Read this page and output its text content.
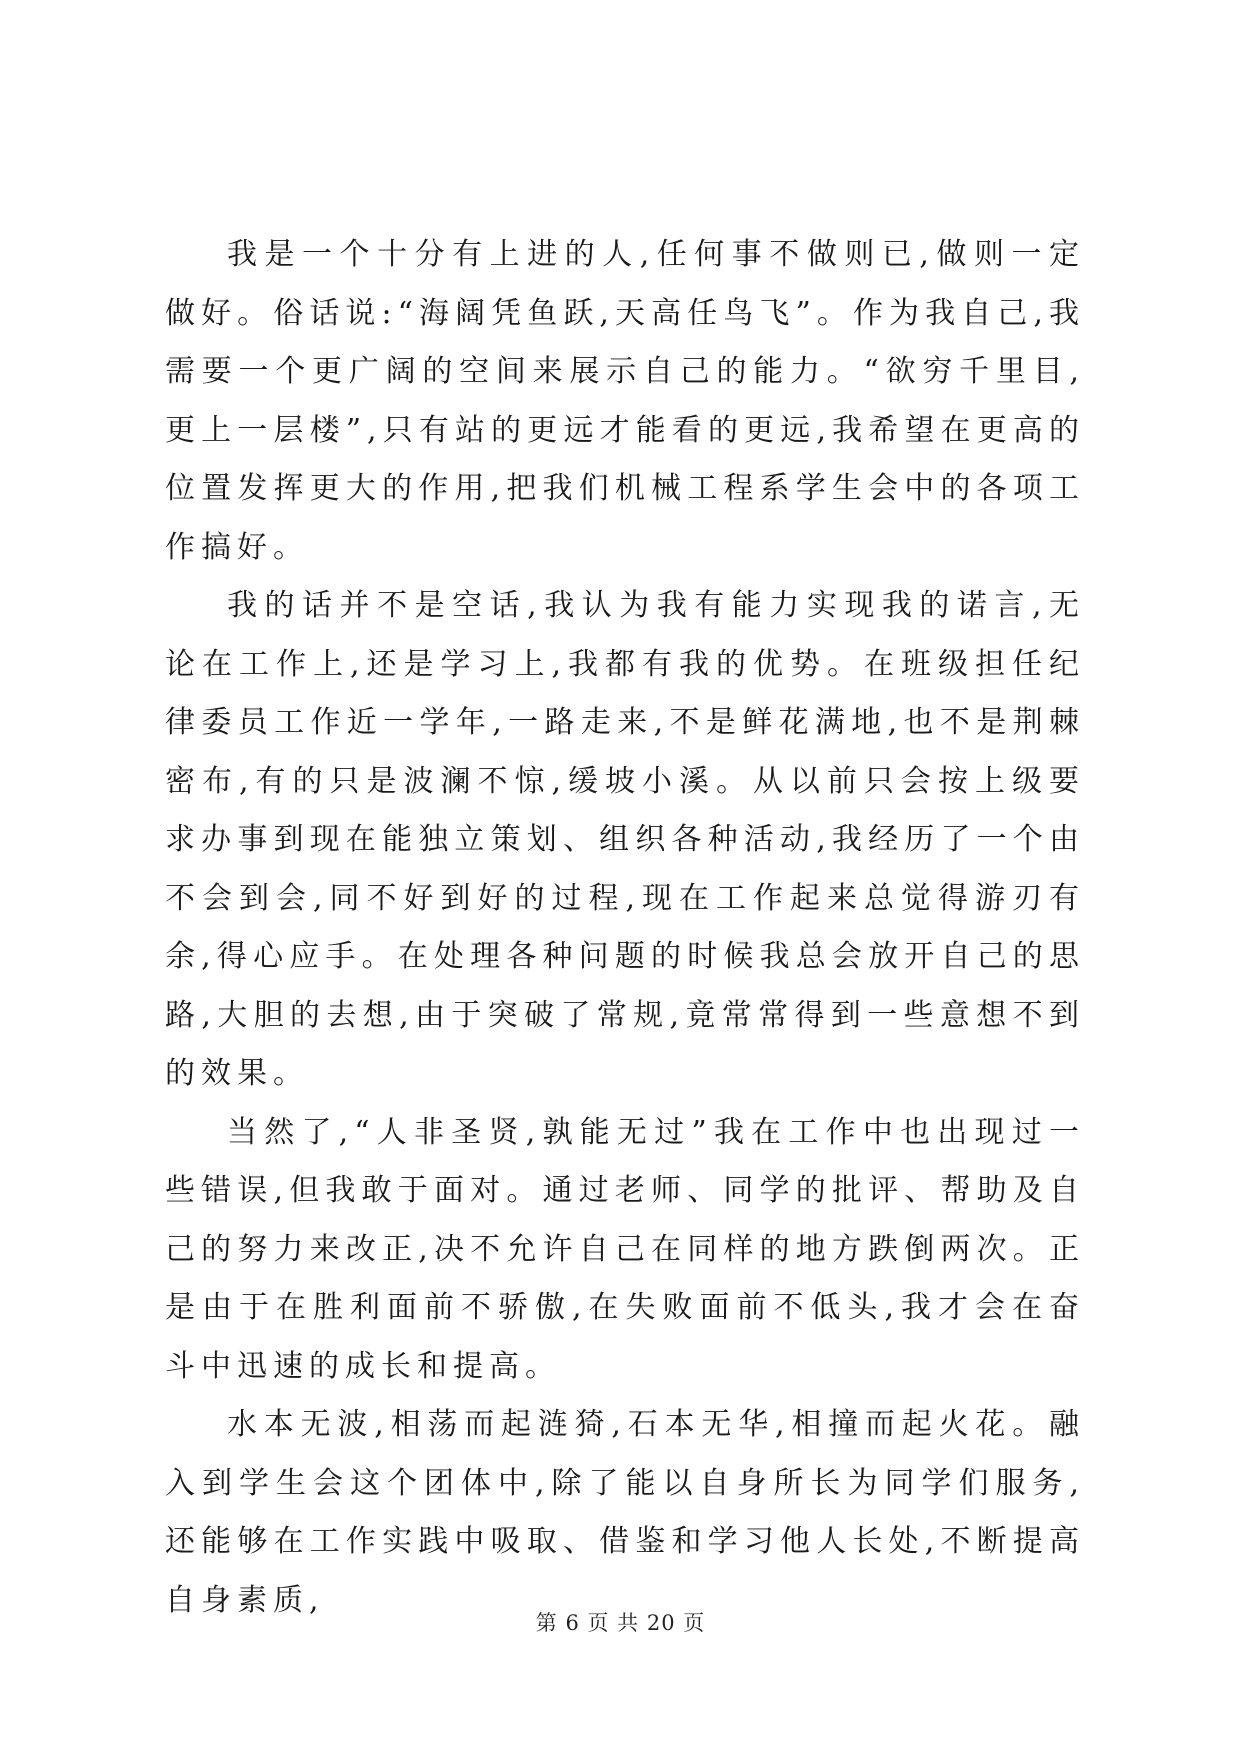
我是一个十分有上进的人,任何事不做则已,做则一定做好。俗话说:“海阔凭鱼跃,天高任鸟飞”。作为我自己,我需要一个更广阔的空间来展示自己的能力。“欲穷千里目,更上一层楼”,只有站的更远才能看的更远,我希望在更高的位置发挥更大的作用,把我们机械工程系学生会中的各项工作搞好。

我的话并不是空话,我认为我有能力实现我的诺言,无论在工作上,还是学习上,我都有我的优势。在班级担任纪律委员工作近一学年,一路走来,不是鲜花满地,也不是荆棘密布,有的只是波澜不惊,缓坡小溪。从以前只会按上级要求办事到现在能独立策划、组织各种活动,我经历了一个由不会到会,同不好到好的过程,现在工作起来总觉得游刃有余,得心应手。在处理各种问题的时候我总会放开自己的思路,大胆的去想,由于突破了常规,竟常常得到一些意想不到的效果。

当然了,“人非圣贤,孰能无过”我在工作中也出现过一些错误,但我敢于面对。通过老师、同学的批评、帮助及自己的努力来改正,决不允许自己在同样的地方跌倒两次。正是由于在胜利面前不骄傲,在失败面前不低头,我才会在奋斗中迅速的成长和提高。

水本无波,相荡而起涟猗,石本无华,相撞而起火花。融入到学生会这个团体中,除了能以自身所长为同学们服务,还能够在工作实践中吸取、借鉴和学习他人长处,不断提高自身素质,

第 6 页 共 20 页
